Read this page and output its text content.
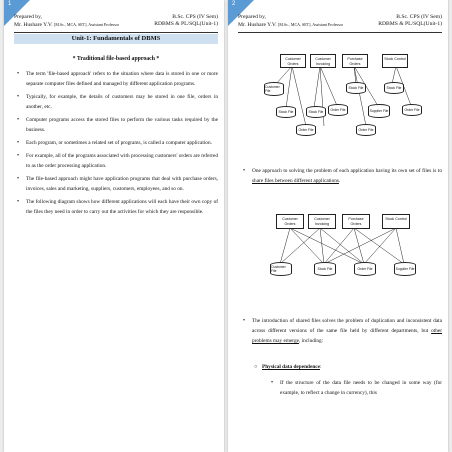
1
Prepared by,	B.Sc. CPS (IV Sem)
Mr. Hushare Y.V. [M.Sc., MCA, SET], Assistant Professor	RDBMS & PL/SQL(Unit-1)
Unit-1: Fundamentals of DBMS
* Traditional file-based approach *
• The term 'file-based approach' refers to the situation where data is stored in one or more separate computer files defined and managed by different application programs.
• Typically, for example, the details of customers may be stored in one file, orders in another, etc.
• Computer programs access the stored files to perform the various tasks required by the business.
• Each program, or sometimes a related set of programs, is called a computer application.
• For example, all of the programs associated with processing customers' orders are referred to as the order processing application.
• The file-based approach might have application programs that deal with purchase orders, invoices, sales and marketing, suppliers, customers, employees, and so on.
• The following diagram shows how different applications will each have their own copy of the files they need in order to carry out the activities for which they are responsible.
2
Prepared by,	B.Sc. CPS (IV Sem)
Mr. Hushare Y.V. [M.Sc., MCA, SET], Assistant Professor	RDBMS & PL/SQL(Unit-1)
Customer Orders
Customer Invoicing
Purchase Orders
Stock Control
Customer File
Stock File	Stock File
Stock File	Stock File
Supplier File
Order File	Order File
Order File	Order File
• One approach to solving the problem of each application having its own set of files is to share files between different applications.
Customer Orders
Customer Invoicing
Purchase Orders
Stock Control
Customer File	Stock File	Order File	Supplier File
• The introduction of shared files solves the problem of duplication and inconsistent data across different versions of the same file held by different departments, but other problems may emerge, including:
○ Physical data dependence:
• If the structure of the data file needs to be changed in some way (for example, to reflect a change in currency), this
